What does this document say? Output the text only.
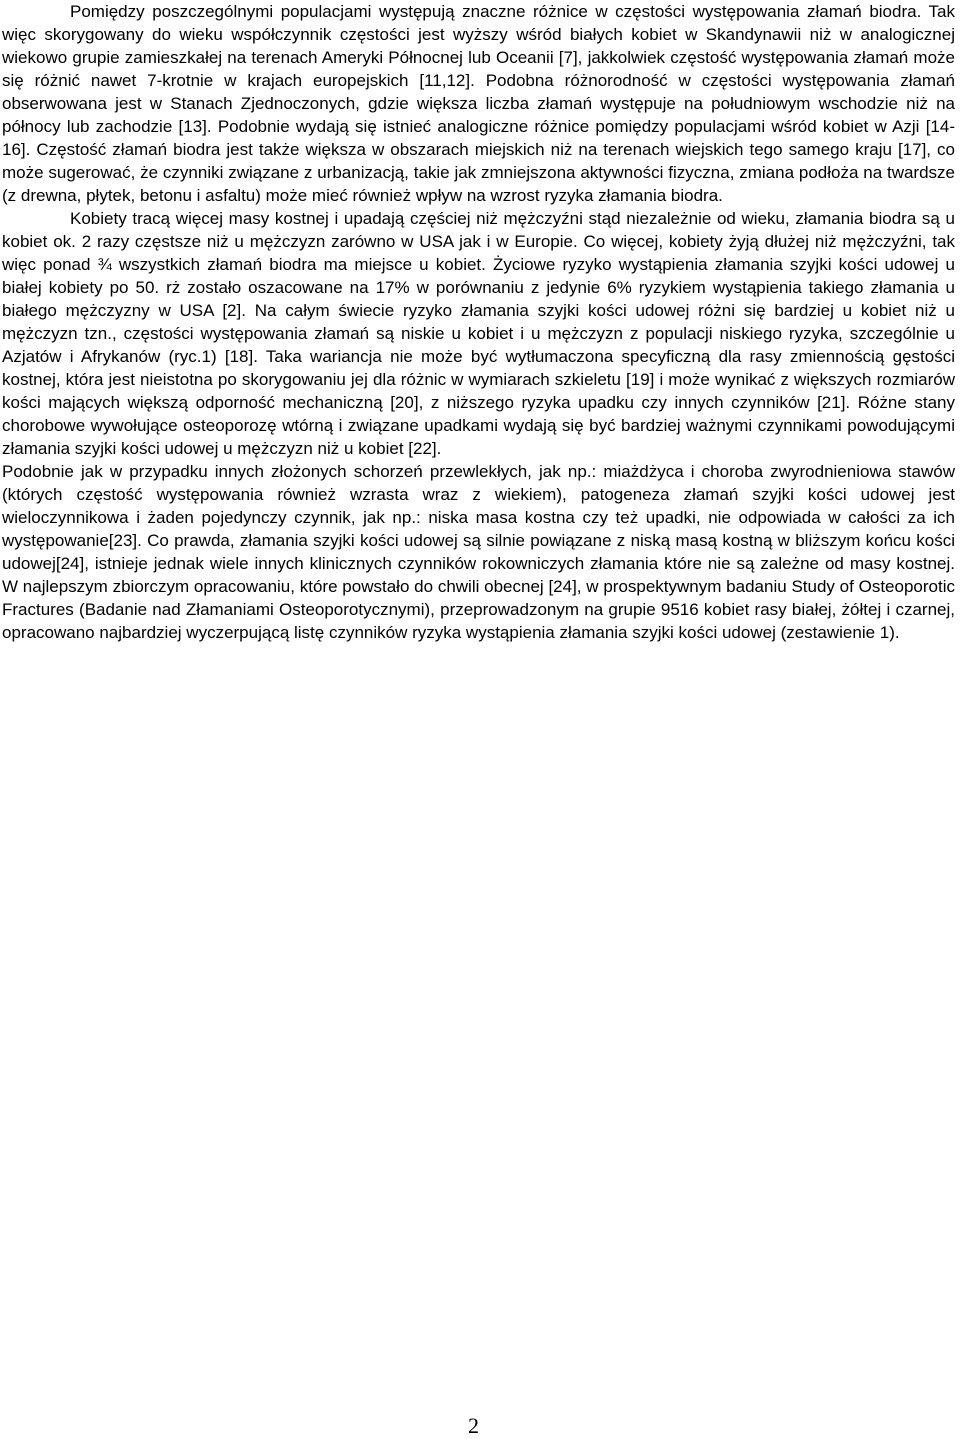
Pomiędzy poszczególnymi populacjami występują znaczne różnice w częstości występowania złamań biodra. Tak więc skorygowany do wieku współczynnik częstości jest wyższy wśród białych kobiet w Skandynawii niż w analogicznej wiekowo grupie zamieszkałej na terenach Ameryki Północnej lub Oceanii [7], jakkolwiek częstość występowania złamań może się różnić nawet 7-krotnie w krajach europejskich [11,12]. Podobna różnorodność w częstości występowania złamań obserwowana jest w Stanach Zjednoczonych, gdzie większa liczba złamań występuje na południowym wschodzie niż na północy lub zachodzie [13]. Podobnie wydają się istnieć analogiczne różnice pomiędzy populacjami wśród kobiet w Azji [14-16]. Częstość złamań biodra jest także większa w obszarach miejskich niż na terenach wiejskich tego samego kraju [17], co może sugerować, że czynniki związane z urbanizacją, takie jak zmniejszona aktywności fizyczna, zmiana podłoża na twardsze (z drewna, płytek, betonu i asfaltu) może mieć również wpływ na wzrost ryzyka złamania biodra.

Kobiety tracą więcej masy kostnej i upadają częściej niż mężczyźni stąd niezależnie od wieku, złamania biodra są u kobiet ok. 2 razy częstsze niż u mężczyzn zarówno w USA jak i w Europie. Co więcej, kobiety żyją dłużej niż mężczyźni, tak więc ponad ¾ wszystkich złamań biodra ma miejsce u kobiet. Życiowe ryzyko wystąpienia złamania szyjki kości udowej u białej kobiety po 50. rż zostało oszacowane na 17% w porównaniu z jedynie 6% ryzykiem wystąpienia takiego złamania u białego mężczyzny w USA [2]. Na całym świecie ryzyko złamania szyjki kości udowej różni się bardziej u kobiet niż u mężczyzn tzn., częstości występowania złamań są niskie u kobiet i u mężczyzn z populacji niskiego ryzyka, szczególnie u Azjatów i Afrykanów (ryc.1) [18]. Taka wariancja nie może być wytłumaczona specyficzną dla rasy zmiennością gęstości kostnej, która jest nieistotna po skorygowaniu jej dla różnic w wymiarach szkieletu [19] i może wynikać z większych rozmiarów kości mających większą odporność mechaniczną [20], z niższego ryzyka upadku czy innych czynników [21]. Różne stany chorobowe wywołujące osteoporozę wtórną i związane upadkami wydają się być bardziej ważnymi czynnikami powodującymi złamania szyjki kości udowej u mężczyzn niż u kobiet [22].

Podobnie jak w przypadku innych złożonych schorzeń przewlekłych, jak np.: miażdżyca i choroba zwyrodnieniowa stawów (których częstość występowania również wzrasta wraz z wiekiem), patogeneza złamań szyjki kości udowej jest wieloczynnikowa i żaden pojedynczy czynnik, jak np.: niska masa kostna czy też upadki, nie odpowiada w całości za ich występowanie[23]. Co prawda, złamania szyjki kości udowej są silnie powiązane z niską masą kostną w bliższym końcu kości udowej[24], istnieje jednak wiele innych klinicznych czynników rokowniczych złamania które nie są zależne od masy kostnej. W najlepszym zbiorczym opracowaniu, które powstało do chwili obecnej [24], w prospektywnym badaniu Study of Osteoporotic Fractures (Badanie nad Złamaniami Osteoporotycznymi), przeprowadzonym na grupie 9516 kobiet rasy białej, żółtej i czarnej, opracowano najbardziej wyczerpującą listę czynników ryzyka wystąpienia złamania szyjki kości udowej (zestawienie 1).

2
